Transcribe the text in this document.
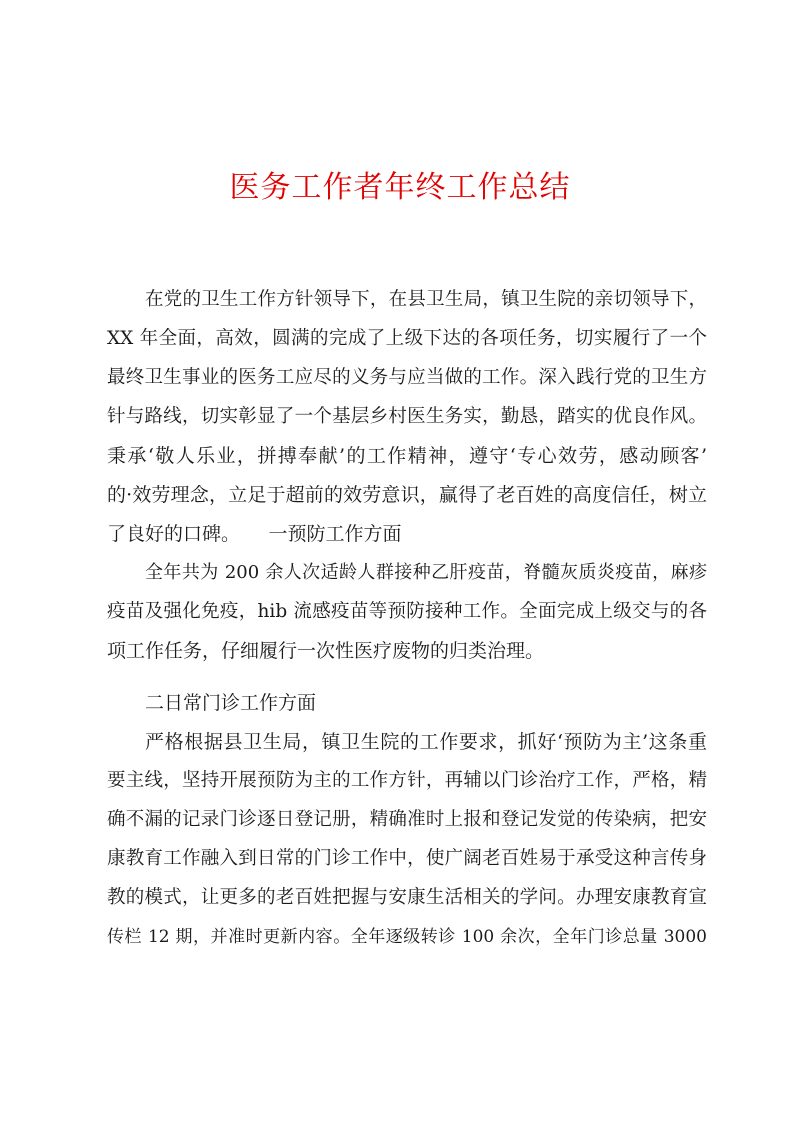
医务工作者年终工作总结

在党的卫生工作方针领导下，在县卫生局，镇卫生院的亲切领导下，

XX 年全面，高效，圆满的完成了上级下达的各项任务，切实履行了一个

最终卫生事业的医务工应尽的义务与应当做的工作。深入践行党的卫生方

针与路线，切实彰显了一个基层乡村医生务实，勤恳，踏实的优良作风。

秉承‘敬人乐业，拼搏奉献’的工作精神，遵守‘专心效劳，感动顾客’

的·效劳理念，立足于超前的效劳意识，赢得了老百姓的高度信任，树立

了良好的口碑。　　一预防工作方面

全年共为 200 余人次适龄人群接种乙肝疫苗，脊髓灰质炎疫苗，麻疹

疫苗及强化免疫，hib 流感疫苗等预防接种工作。全面完成上级交与的各

项工作任务，仔细履行一次性医疗废物的归类治理。

二日常门诊工作方面

严格根据县卫生局，镇卫生院的工作要求，抓好‘预防为主’这条重

要主线，坚持开展预防为主的工作方针，再辅以门诊治疗工作，严格，精

确不漏的记录门诊逐日登记册，精确准时上报和登记发觉的传染病，把安

康教育工作融入到日常的门诊工作中，使广阔老百姓易于承受这种言传身

教的模式，让更多的老百姓把握与安康生活相关的学问。办理安康教育宣

传栏 12 期，并准时更新内容。全年逐级转诊 100 余次，全年门诊总量 3000
